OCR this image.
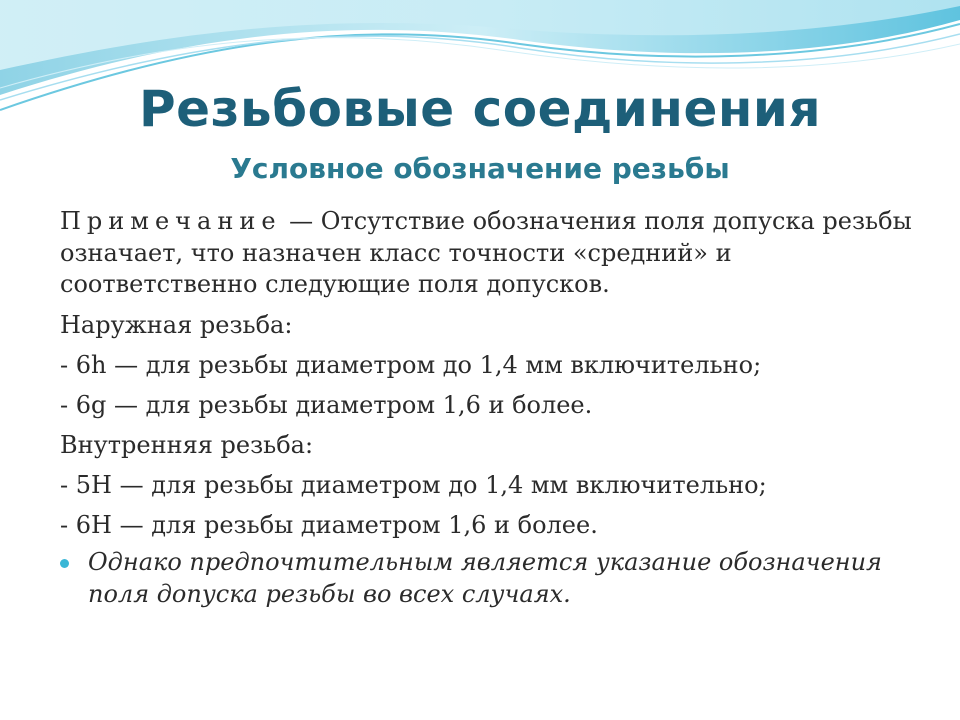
Резьбовые соединения
Условное обозначение резьбы

Примечание — Отсутствие обозначения поля допуска резьбы означает, что назначен класс точности «средний» и соответственно следующие поля допусков.

Наружная резьба:

- 6h — для резьбы диаметром до 1,4 мм включительно;

- 6g — для резьбы диаметром 1,6 и более.

Внутренняя резьба:

- 5H — для резьбы диаметром до 1,4 мм включительно;

- 6H — для резьбы диаметром 1,6 и более.

Однако предпочтительным является указание обозначения поля допуска резьбы во всех случаях.
